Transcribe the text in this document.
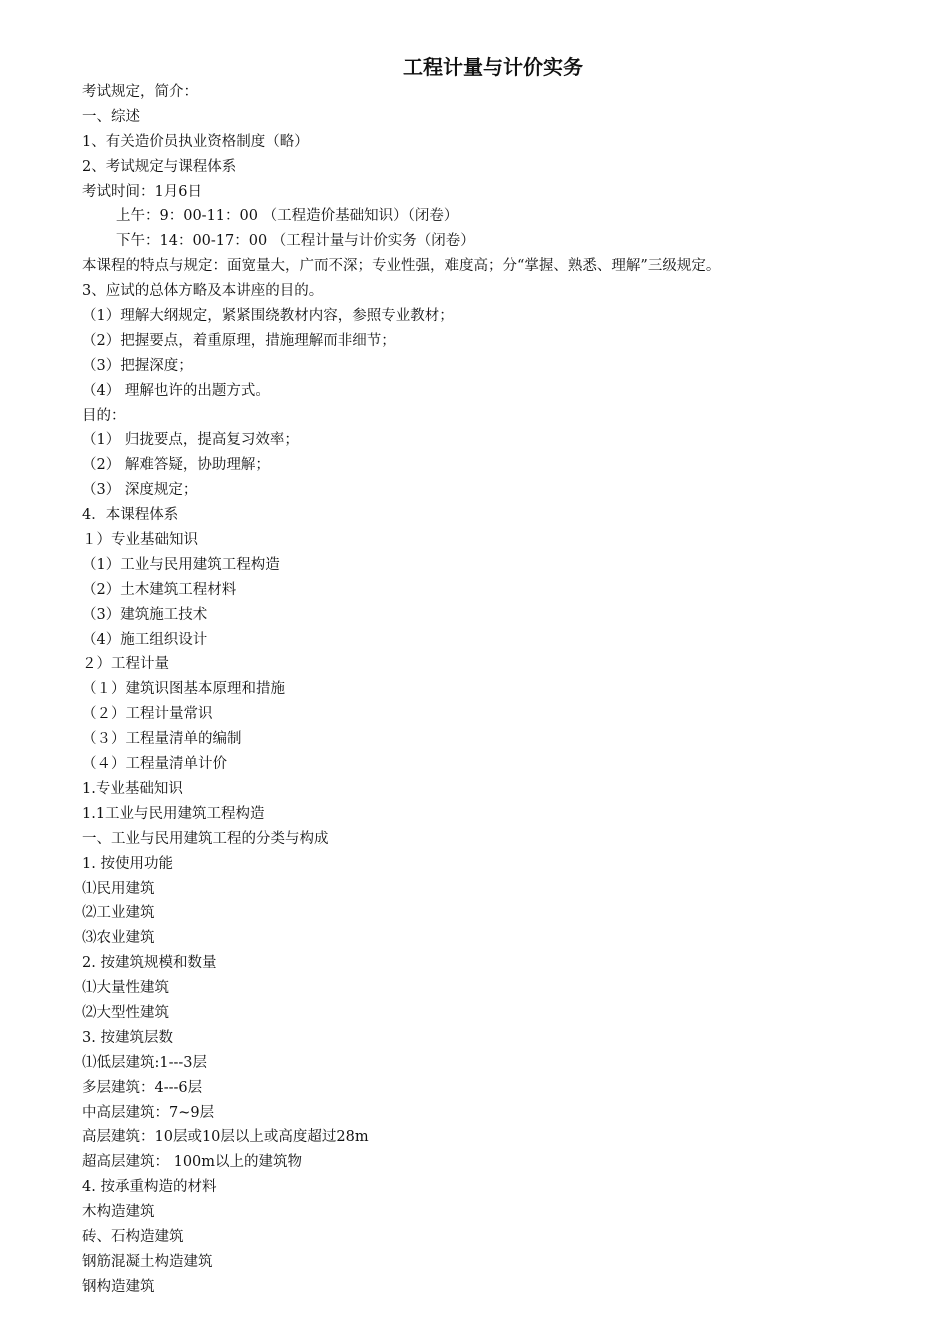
工程计量与计价实务
考试规定，简介：
一、综述
1、有关造价员执业资格制度（略）
2、考试规定与课程体系
考试时间：1月6日
上午：9：00-11：00 （工程造价基础知识）（闭卷）
下午：14：00-17：00 （工程计量与计价实务（闭卷）
本课程的特点与规定：面宽量大，广而不深；专业性强，难度高；分“掌握、熟悉、理解”三级规定。
3、应试的总体方略及本讲座的目的。
（1）理解大纲规定，紧紧围绕教材内容，参照专业教材；
（2）把握要点，着重原理，措施理解而非细节；
（3）把握深度；
（4） 理解也许的出题方式。
目的：
（1） 归拢要点，提高复习效率；
（2） 解难答疑，协助理解；
（3） 深度规定；
4．本课程体系
１）专业基础知识
（1）工业与民用建筑工程构造
（2）土木建筑工程材料
（3）建筑施工技术
（4）施工组织设计
２）工程计量
（１）建筑识图基本原理和措施
（２）工程计量常识
（３）工程量清单的编制
（４）工程量清单计价
1.专业基础知识
1.1工业与民用建筑工程构造
一、工业与民用建筑工程的分类与构成
1. 按使用功能
⑴民用建筑
⑵工业建筑
⑶农业建筑
2. 按建筑规模和数量
⑴大量性建筑
⑵大型性建筑
3. 按建筑层数
⑴低层建筑:1---3层
多层建筑：4---6层
中高层建筑：7~9层
高层建筑：10层或10层以上或高度超过28m
超高层建筑： 100m以上的建筑物
4. 按承重构造的材料
木构造建筑
砖、石构造建筑
钢筋混凝土构造建筑
钢构造建筑
